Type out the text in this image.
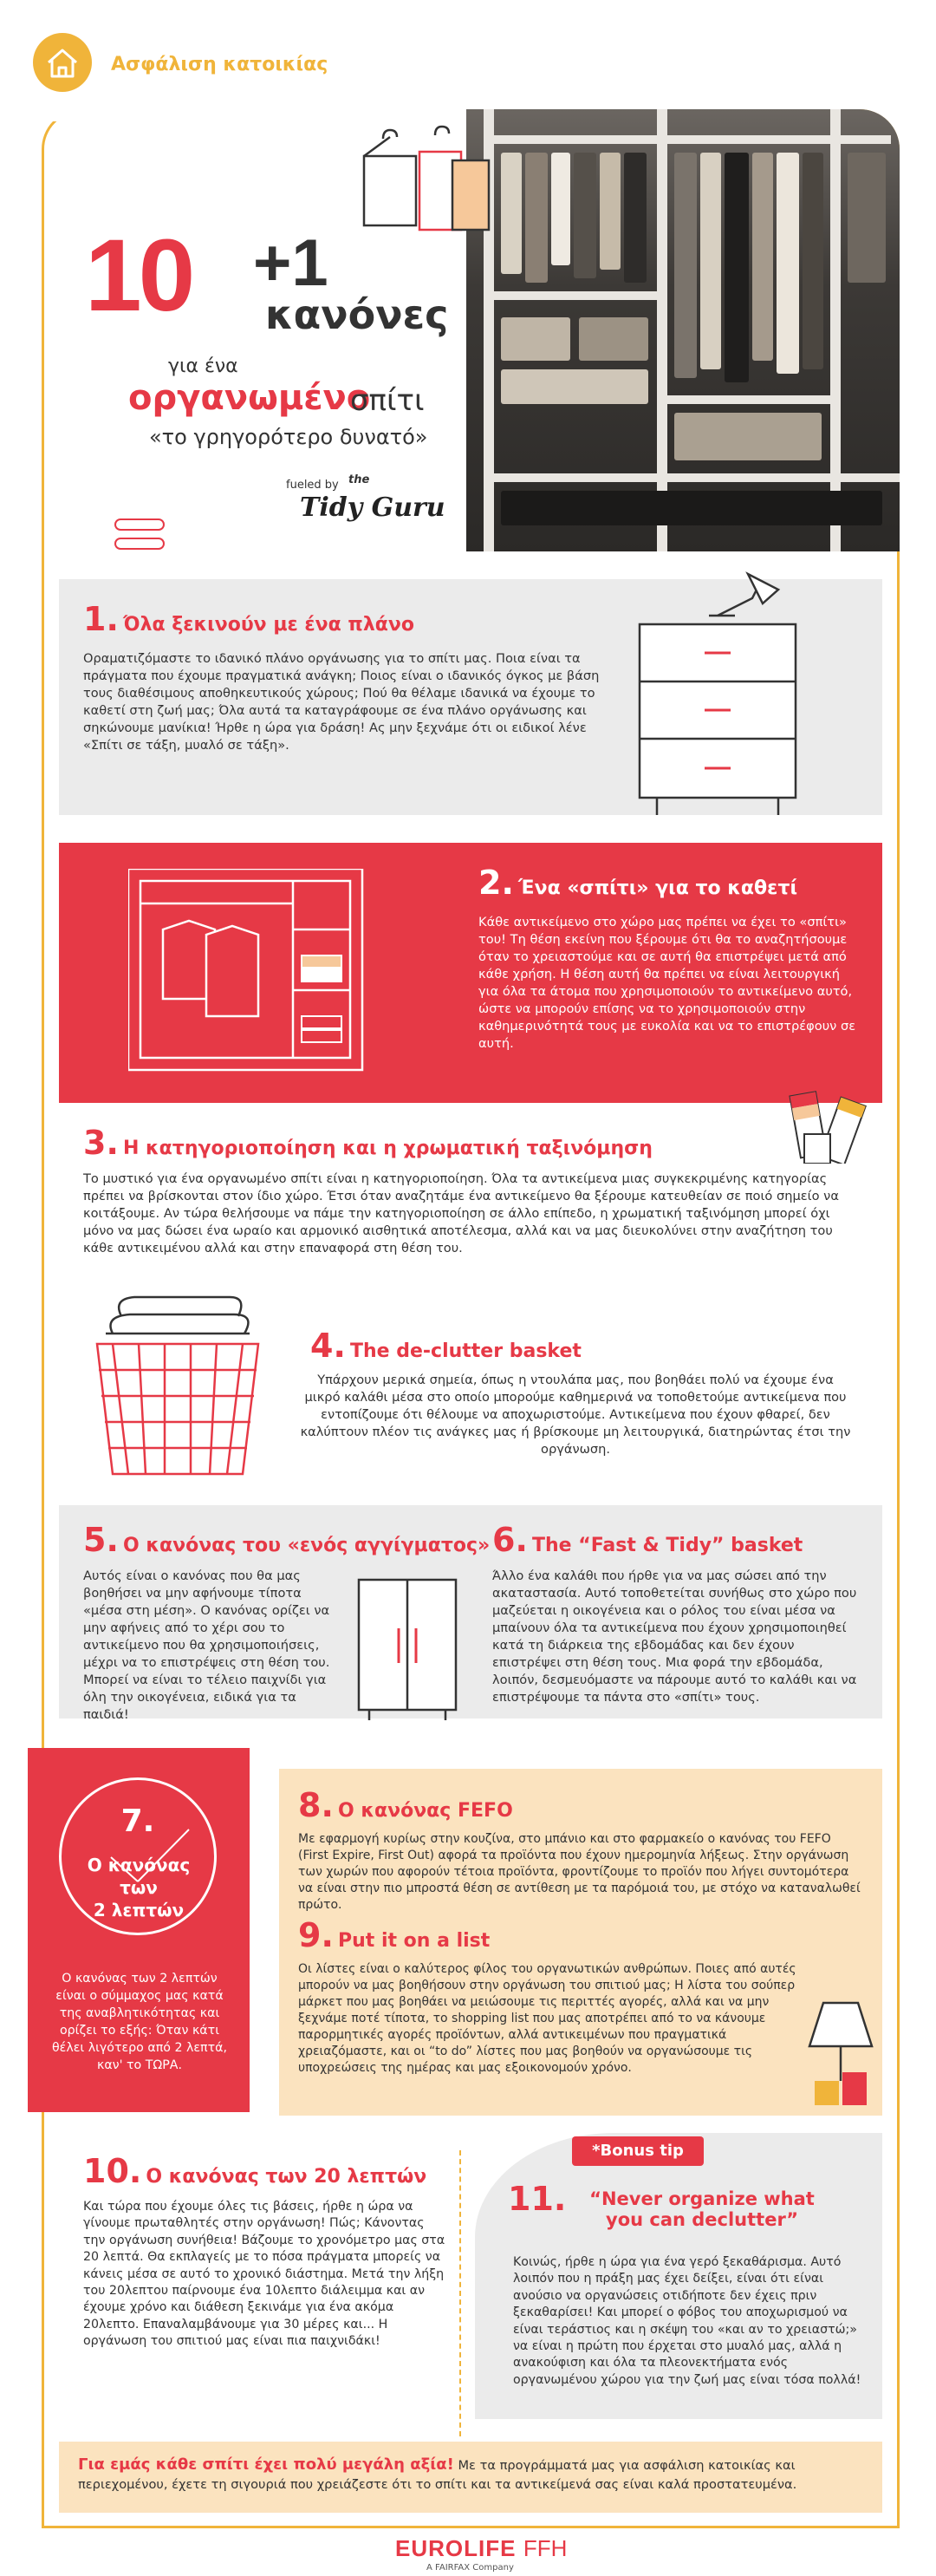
Ασφάλιση κατοικίας
10 +1
κανόνες
για ένα
οργανωμένο
σπίτι
«το γρηγορότερο δυνατό»
fueled by the
Tidy Guru
1. Όλα ξεκινούν με ένα πλάνο
Οραματιζόμαστε το ιδανικό πλάνο οργάνωσης για το σπίτι μας. Ποια είναι τα πράγματα που έχουμε πραγματικά ανάγκη; Ποιος είναι ο ιδανικός όγκος με βάση τους διαθέσιμους αποθηκευτικούς χώρους; Πού θα θέλαμε ιδανικά να έχουμε το καθετί στη ζωή μας; Όλα αυτά τα καταγράφουμε σε ένα πλάνο οργάνωσης και σηκώνουμε μανίκια! Ήρθε η ώρα για δράση! Ας μην ξεχνάμε ότι οι ειδικοί λένε «Σπίτι σε τάξη, μυαλό σε τάξη».
2. Ένα «σπίτι» για το καθετί
Κάθε αντικείμενο στο χώρο μας πρέπει να έχει το «σπίτι» του! Τη θέση εκείνη που ξέρουμε ότι θα το αναζητήσουμε όταν το χρειαστούμε και σε αυτή θα επιστρέψει μετά από κάθε χρήση. Η θέση αυτή θα πρέπει να είναι λειτουργική για όλα τα άτομα που χρησιμοποιούν το αντικείμενο αυτό, ώστε να μπορούν επίσης να το χρησιμοποιούν στην καθημερινότητά τους με ευκολία και να το επιστρέφουν σε αυτή.
3. Η κατηγοριοποίηση και η χρωματική ταξινόμηση
Το μυστικό για ένα οργανωμένο σπίτι είναι η κατηγοριοποίηση. Όλα τα αντικείμενα μιας συγκεκριμένης κατηγορίας πρέπει να βρίσκονται στον ίδιο χώρο. Έτσι όταν αναζητάμε ένα αντικείμενο θα ξέρουμε κατευθείαν σε ποιό σημείο να κοιτάξουμε. Αν τώρα θελήσουμε να πάμε την κατηγοριοποίηση σε άλλο επίπεδο, η χρωματική ταξινόμηση μπορεί όχι μόνο να μας δώσει ένα ωραίο και αρμονικό αισθητικά αποτέλεσμα, αλλά και να μας διευκολύνει στην αναζήτηση του κάθε αντικειμένου αλλά και στην επαναφορά στη θέση του.
4. The de-clutter basket
Υπάρχουν μερικά σημεία, όπως η ντουλάπα μας, που βοηθάει πολύ να έχουμε ένα μικρό καλάθι μέσα στο οποίο μπορούμε καθημερινά να τοποθετούμε αντικείμενα που εντοπίζουμε ότι θέλουμε να αποχωριστούμε. Αντικείμενα που έχουν φθαρεί, δεν καλύπτουν πλέον τις ανάγκες μας ή βρίσκουμε μη λειτουργικά, διατηρώντας έτσι την οργάνωση.
5. Ο κανόνας του «ενός αγγίγματος»
Αυτός είναι ο κανόνας που θα μας βοηθήσει να μην αφήνουμε τίποτα «μέσα στη μέση». Ο κανόνας ορίζει να μην αφήνεις από το χέρι σου το αντικείμενο που θα χρησιμοποιήσεις, μέχρι να το επιστρέψεις στη θέση του. Μπορεί να είναι το τέλειο παιχνίδι για όλη την οικογένεια, ειδικά για τα παιδιά!
6. The “Fast & Tidy” basket
Άλλο ένα καλάθι που ήρθε για να μας σώσει από την ακαταστασία. Αυτό τοποθετείται συνήθως στο χώρο που μαζεύεται η οικογένεια και ο ρόλος του είναι μέσα να μπαίνουν όλα τα αντικείμενα που έχουν χρησιμοποιηθεί κατά τη διάρκεια της εβδομάδας και δεν έχουν επιστρέψει στη θέση τους. Μια φορά την εβδομάδα, λοιπόν, δεσμευόμαστε να πάρουμε αυτό το καλάθι και να επιστρέψουμε τα πάντα στο «σπίτι» τους.
7.
Ο κανόνας
των
2 λεπτών
Ο κανόνας των 2 λεπτών είναι ο σύμμαχος μας κατά της αναβλητικότητας και ορίζει το εξής: Όταν κάτι θέλει λιγότερο από 2 λεπτά, καν' το ΤΩΡΑ.
8. Ο κανόνας FEFO
Με εφαρμογή κυρίως στην κουζίνα, στο μπάνιο και στο φαρμακείο ο κανόνας του FEFO (First Expire, First Out) αφορά τα προϊόντα που έχουν ημερομηνία λήξεως. Στην οργάνωση των χωρών που αφορούν τέτοια προϊόντα, φροντίζουμε το προϊόν που λήγει συντομότερα να είναι στην πιο μπροστά θέση σε αντίθεση με τα παρόμοιά του, με στόχο να καταναλωθεί πρώτο.
9. Put it on a list
Οι λίστες είναι ο καλύτερος φίλος του οργανωτικών ανθρώπων. Ποιες από αυτές μπορούν να μας βοηθήσουν στην οργάνωση του σπιτιού μας; Η λίστα του σούπερ μάρκετ που μας βοηθάει να μειώσουμε τις περιττές αγορές, αλλά και να μην ξεχνάμε ποτέ τίποτα, το shopping list που μας αποτρέπει από το να κάνουμε παρορμητικές αγορές προϊόντων, αλλά αντικειμένων που πραγματικά χρειαζόμαστε, και οι “to do” λίστες που μας βοηθούν να οργανώσουμε τις υποχρεώσεις της ημέρας και μας εξοικονομούν χρόνο.
10. Ο κανόνας των 20 λεπτών
Και τώρα που έχουμε όλες τις βάσεις, ήρθε η ώρα να γίνουμε πρωταθλητές στην οργάνωση! Πώς; Κάνοντας την οργάνωση συνήθεια! Βάζουμε το χρονόμετρο μας στα 20 λεπτά. Θα εκπλαγείς με το πόσα πράγματα μπορείς να κάνεις μέσα σε αυτό το χρονικό διάστημα. Μετά την λήξη του 20λεπτου παίρνουμε ένα 10λεπτο διάλειμμα και αν έχουμε χρόνο και διάθεση ξεκινάμε για ένα ακόμα 20λεπτο. Επαναλαμβάνουμε για 30 μέρες και... Η οργάνωση του σπιτιού μας είναι πια παιχνιδάκι!
*Bonus tip
11.	“Never organize what
you can declutter”
Κοινώς, ήρθε η ώρα για ένα γερό ξεκαθάρισμα. Αυτό λοιπόν που η πράξη μας έχει δείξει, είναι ότι είναι ανούσιο να οργανώσεις οτιδήποτε δεν έχεις πριν ξεκαθαρίσει! Και μπορεί ο φόβος του αποχωρισμού να είναι τεράστιος και η σκέψη του «και αν το χρειαστώ;» να είναι η πρώτη που έρχεται στο μυαλό μας, αλλά η ανακούφιση και όλα τα πλεονεκτήματα ενός οργανωμένου χώρου για την ζωή μας είναι τόσα πολλά!
Για εμάς κάθε σπίτι έχει πολύ μεγάλη αξία! Με τα προγράμματά μας για ασφάλιση κατοικίας και περιεχομένου, έχετε τη σιγουριά που χρειάζεστε ότι το σπίτι και τα αντικείμενά σας είναι καλά προστατευμένα.
EUROLIFE FFH
A FAIRFAX Company
